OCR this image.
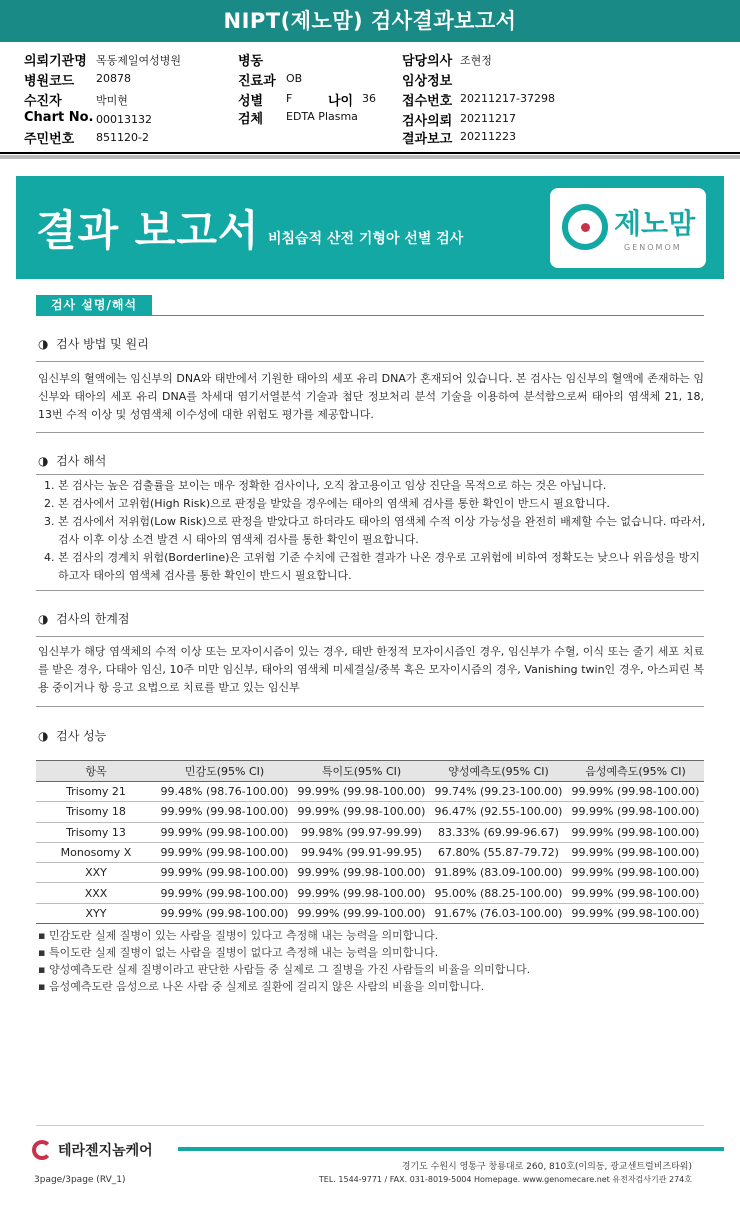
NIPT(제노맘) 검사결과보고서
의뢰기관명 목동제일여성병원
병원코드 20878
수진자	박미현
Chart No. 00013132
주민번호 851120-2
병동
진료과 OB
성별 F	나이 36
검체 EDTA Plasma
담당의사 조현정
임상정보
접수번호 20211217-37298
검사의뢰 20211217
결과보고 20211223
결과 보고서 비침습적 산전 기형아 선별 검사	제노맘
GENOMOM
검사 설명/해석
◑  검사 방법 및 원리
임신부의 혈액에는 임신부의 DNA와 태반에서 기원한 태아의 세포 유리 DNA가 혼재되어 있습니다. 본 검사는 임신부의 혈액에 존재하는 임신부와 태아의 세포 유리 DNA를 차세대 염기서열분석 기술과 첨단 정보처리 분석 기술을 이용하여 분석함으로써 태아의 염색체 21, 18, 13번 수적 이상 및 성염색체 이수성에 대한 위험도 평가를 제공합니다.
◑  검사 해석
1. 본 검사는 높은 검출률을 보이는 매우 정확한 검사이나, 오직 참고용이고 임상 진단을 목적으로 하는 것은 아닙니다.
2. 본 검사에서 고위험(High Risk)으로 판정을 받았을 경우에는 태아의 염색체 검사를 통한 확인이 반드시 필요합니다.
3. 본 검사에서 저위험(Low Risk)으로 판정을 받았다고 하더라도 태아의 염색체 수적 이상 가능성을 완전히 배제할 수는 없습니다. 따라서, 검사 이후 이상 소견 발견 시 태아의 염색체 검사를 통한 확인이 필요합니다.
4. 본 검사의 경계치 위험(Borderline)은 고위험 기준 수치에 근접한 결과가 나온 경우로 고위험에 비하여 정확도는 낮으나 위음성을 방지하고자 태아의 염색체 검사를 통한 확인이 반드시 필요합니다.
◑  검사의 한계점
임신부가 해당 염색체의 수적 이상 또는 모자이시즘이 있는 경우, 태반 한정적 모자이시즘인 경우, 임신부가 수혈, 이식 또는 줄기 세포 치료를 받은 경우, 다태아 임신, 10주 미만 임신부, 태아의 염색체 미세결실/중복 혹은 모자이시즘의 경우, Vanishing twin인 경우, 아스피린 복용 중이거나 항 응고 요법으로 치료를 받고 있는 임신부
◑  검사 성능
항목	민감도(95% CI)	특이도(95% CI)	양성예측도(95% CI)	음성예측도(95% CI)
Trisomy 21	99.48% (98.76-100.00)	99.99% (99.98-100.00)	99.74% (99.23-100.00)	99.99% (99.98-100.00)
Trisomy 18	99.99% (99.98-100.00)	99.99% (99.98-100.00)	96.47% (92.55-100.00)	99.99% (99.98-100.00)
Trisomy 13	99.99% (99.98-100.00)	99.98% (99.97-99.99)	83.33% (69.99-96.67)	99.99% (99.98-100.00)
Monosomy X	99.99% (99.98-100.00)	99.94% (99.91-99.95)	67.80% (55.87-79.72)	99.99% (99.98-100.00)
XXY	99.99% (99.98-100.00)	99.99% (99.98-100.00)	91.89% (83.09-100.00)	99.99% (99.98-100.00)
XXX	99.99% (99.98-100.00)	99.99% (99.98-100.00)	95.00% (88.25-100.00)	99.99% (99.98-100.00)
XYY	99.99% (99.98-100.00)	99.99% (99.99-100.00)	91.67% (76.03-100.00)	99.99% (99.98-100.00)
▪ 민감도란 실제 질병이 있는 사람을 질병이 있다고 측정해 내는 능력을 의미합니다.
▪ 특이도란 실제 질병이 없는 사람을 질병이 없다고 측정해 내는 능력을 의미합니다.
▪ 양성예측도란 실제 질병이라고 판단한 사람들 중 실제로 그 질병을 가진 사람들의 비율을 의미합니다.
▪ 음성예측도란 음성으로 나온 사람 중 실제로 질환에 걸리지 않은 사람의 비율을 의미합니다.
테라젠지놈케어
경기도 수원시 영통구 창룡대로 260, 810호(이의동, 광교센트럴비즈타워)
TEL. 1544-9771 / FAX. 031-8019-5004 Homepage. www.genomecare.net 유전자검사기관 274호
3page/3page (RV_1)
